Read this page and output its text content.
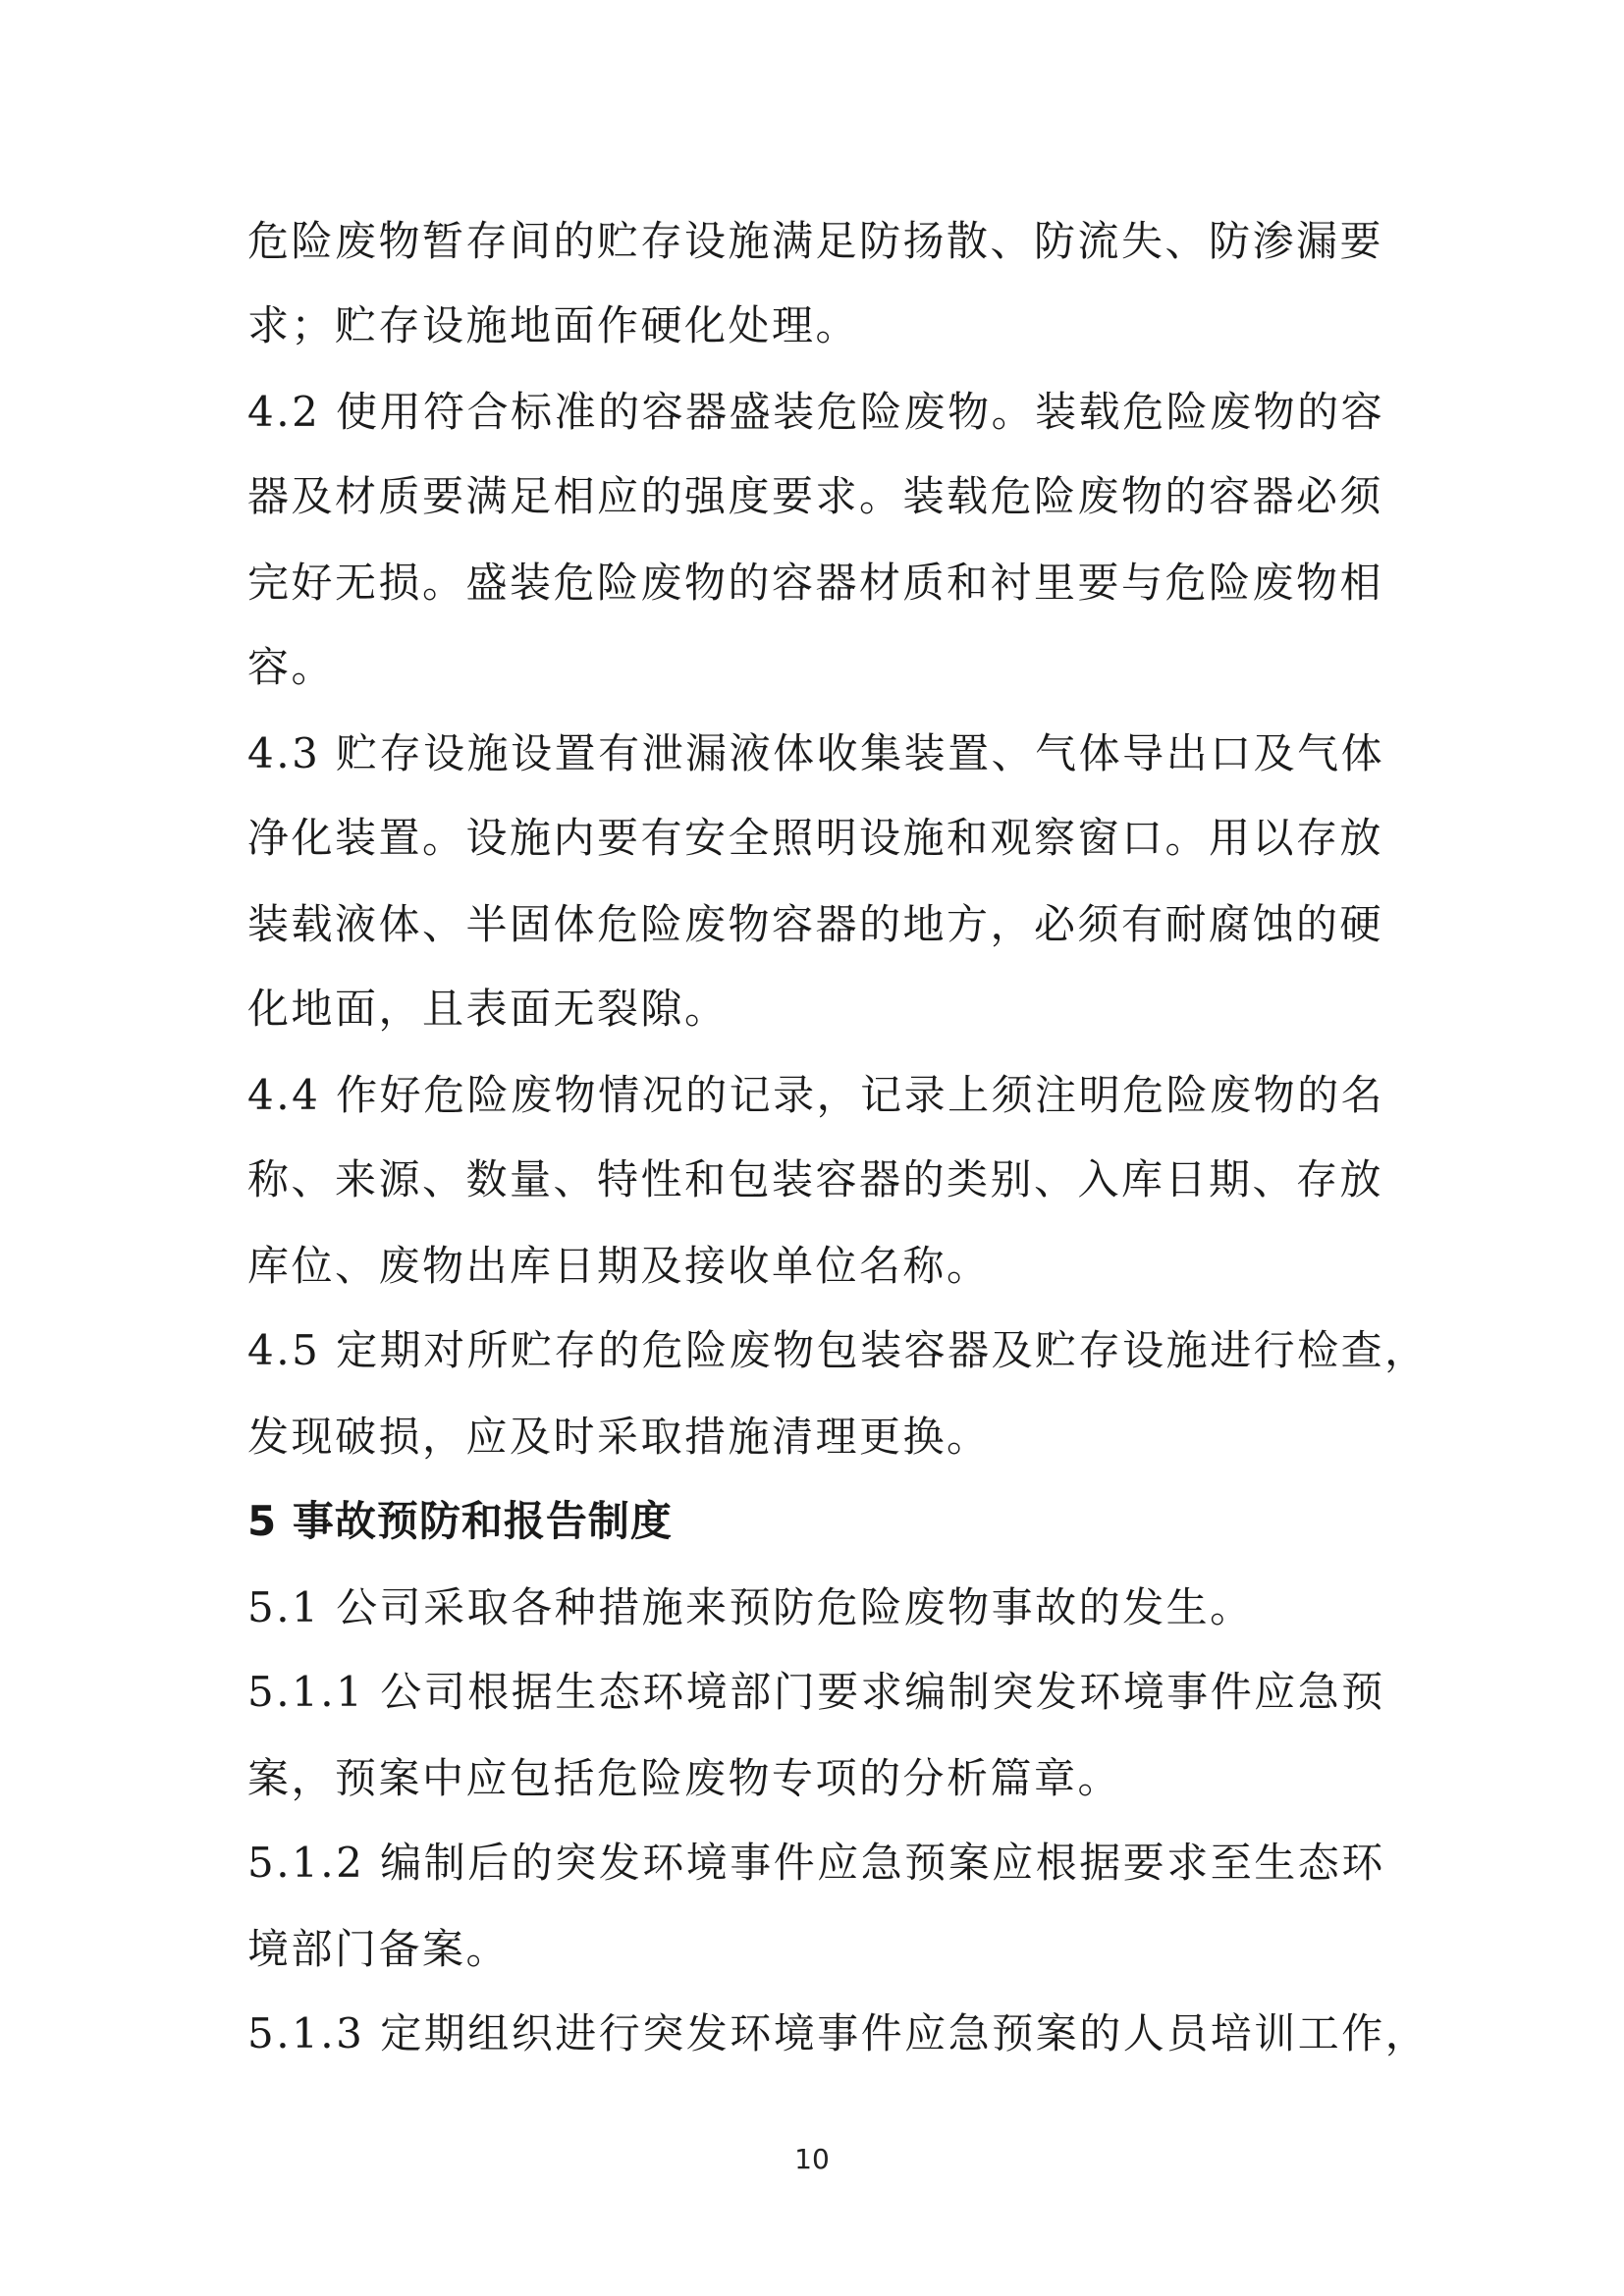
危险废物暂存间的贮存设施满足防扬散、防流失、防渗漏要
求；贮存设施地面作硬化处理。
4.2 使用符合标准的容器盛装危险废物。装载危险废物的容
器及材质要满足相应的强度要求。装载危险废物的容器必须
完好无损。盛装危险废物的容器材质和衬里要与危险废物相
容。
4.3 贮存设施设置有泄漏液体收集装置、气体导出口及气体
净化装置。设施内要有安全照明设施和观察窗口。用以存放
装载液体、半固体危险废物容器的地方，必须有耐腐蚀的硬
化地面，且表面无裂隙。
4.4 作好危险废物情况的记录，记录上须注明危险废物的名
称、来源、数量、特性和包装容器的类别、入库日期、存放
库位、废物出库日期及接收单位名称。
4.5 定期对所贮存的危险废物包装容器及贮存设施进行检查，
发现破损，应及时采取措施清理更换。
5 事故预防和报告制度
5.1 公司采取各种措施来预防危险废物事故的发生。
5.1.1 公司根据生态环境部门要求编制突发环境事件应急预
案，预案中应包括危险废物专项的分析篇章。
5.1.2 编制后的突发环境事件应急预案应根据要求至生态环
境部门备案。
5.1.3 定期组织进行突发环境事件应急预案的人员培训工作，
10
